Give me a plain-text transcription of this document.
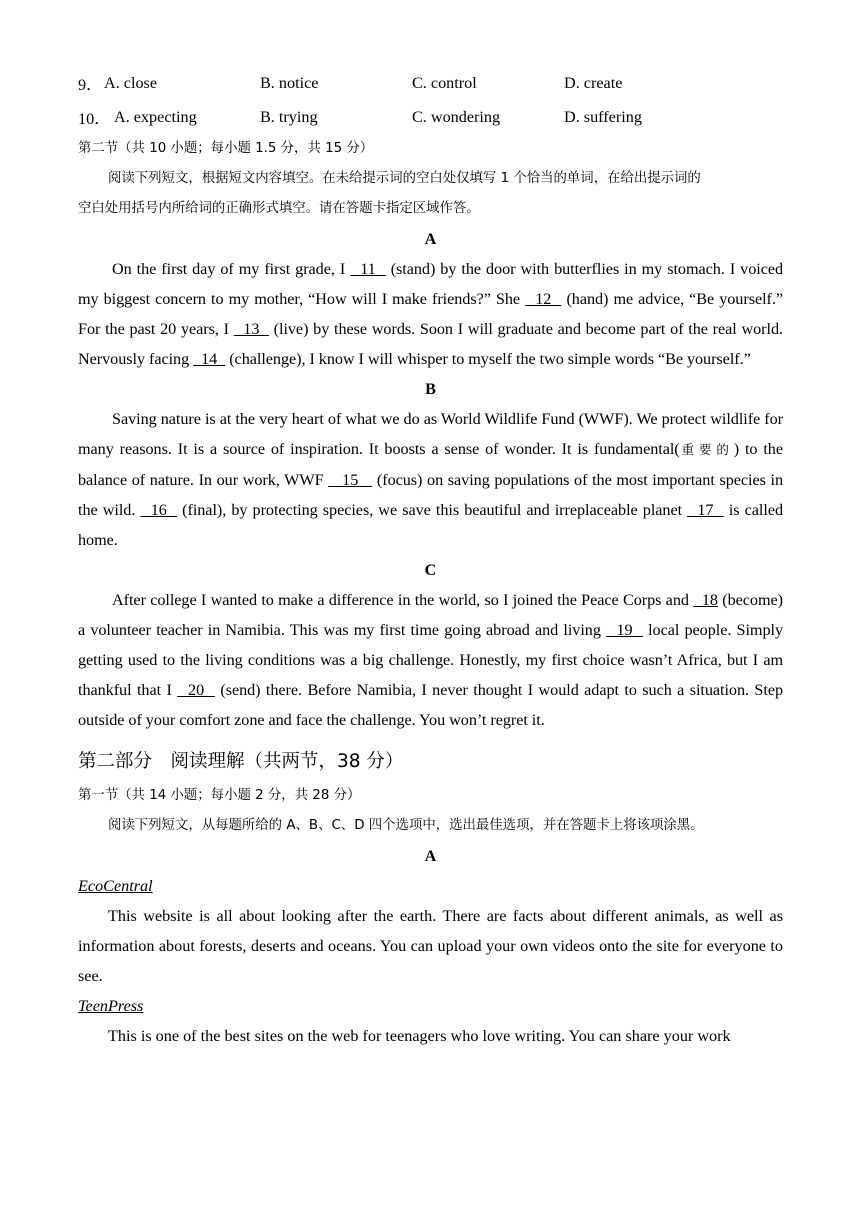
9． A. close	B. notice	C. control	D. create
10． A. expecting	B. trying	C. wondering	D. suffering
第二节（共 10 小题；每小题 1.5 分，共 15 分）
阅读下列短文，根据短文内容填空。在未给提示词的空白处仅填写 1 个恰当的单词，在给出提示词的
空白处用括号内所给词的正确形式填空。请在答题卡指定区域作答。
A
On the first day of my first grade, I   11   (stand) by the door with butterflies in my stomach. I voiced my biggest concern to my mother, “How will I make friends?” She   12   (hand) me advice, “Be yourself.” For the past 20 years, I   13   (live) by these words. Soon I will graduate and become part of the real world. Nervously facing   14   (challenge), I know I will whisper to myself the two simple words “Be yourself.”
B
Saving nature is at the very heart of what we do as World Wildlife Fund (WWF). We protect wildlife for many reasons. It is a source of inspiration. It boosts a sense of wonder. It is fundamental(重要的) to the balance of nature. In our work, WWF    15    (focus) on saving populations of the most important species in the wild.   16   (final), by protecting species, we save this beautiful and irreplaceable planet   17   is called home.
C
After college I wanted to make a difference in the world, so I joined the Peace Corps and   18 (become) a volunteer teacher in Namibia. This was my first time going abroad and living   19   local people. Simply getting used to the living conditions was a big challenge. Honestly, my first choice wasn’t Africa, but I am thankful that I   20   (send) there. Before Namibia, I never thought I would adapt to such a situation. Step outside of your comfort zone and face the challenge. You won’t regret it.
第二部分　阅读理解（共两节，38 分）
第一节（共 14 小题；每小题 2 分，共 28 分）
阅读下列短文，从每题所给的 A、B、C、D 四个选项中，选出最佳选项，并在答题卡上将该项涂黑。
A
EcoCentral
This website is all about looking after the earth. There are facts about different animals, as well as information about forests, deserts and oceans. You can upload your own videos onto the site for everyone to see.
TeenPress
This is one of the best sites on the web for teenagers who love writing. You can share your work
